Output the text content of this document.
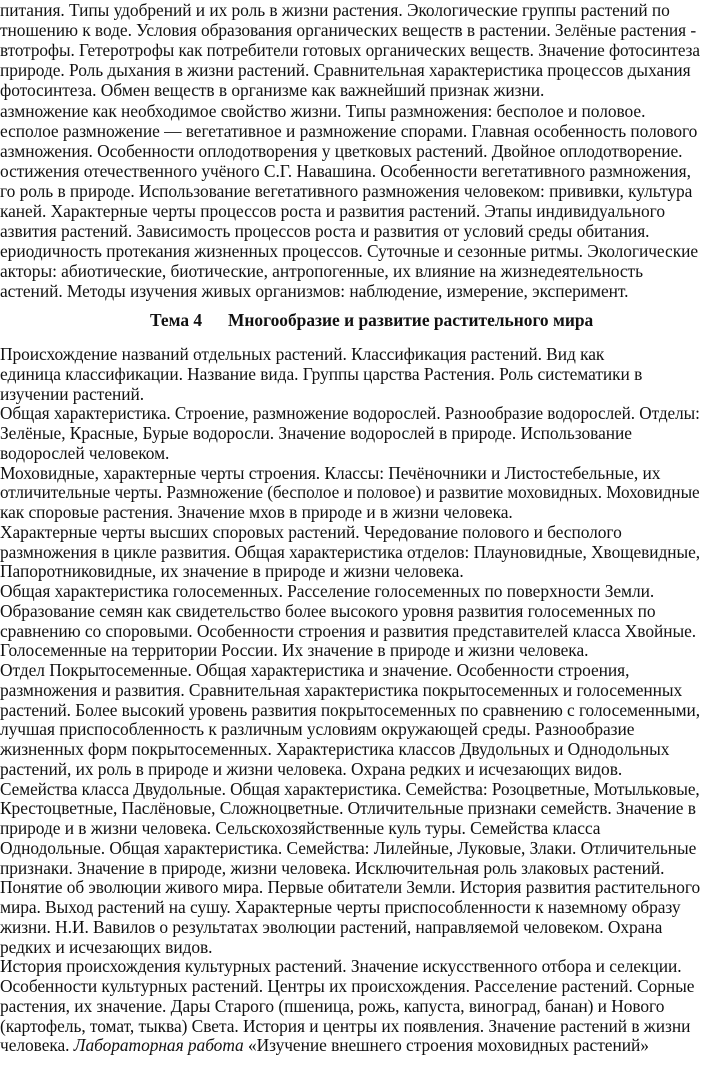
питания. Типы удобрений и их роль в жизни растения. Экологические группы растений по
тношению к воде. Условия образования органических веществ в растении. Зелёные растения -
втотрофы. Гетеротрофы как потребители готовых органических веществ. Значение фотосинтеза
природе. Роль дыхания в жизни растений. Сравнительная характеристика процессов дыхания
фотосинтеза. Обмен веществ в организме как важнейший признак жизни.
азмножение как необходимое свойство жизни. Типы размножения: бесполое и половое.
есполое размножение — вегетативное и размножение спорами. Главная особенность полового
азмножения. Особенности оплодотворения у цветковых растений. Двойное оплодотворение.
остижения отечественного учёного С.Г. Навашина. Особенности вегетативного размножения,
го роль в природе. Использование вегетативного размножения человеком: прививки, культура
каней. Характерные черты процессов роста и развития растений. Этапы индивидуального
азвития растений. Зависимость процессов роста и развития от условий среды обитания.
ериодичность протекания жизненных процессов. Суточные и сезонные ритмы. Экологические
акторы: абиотические, биотические, антропогенные, их влияние на жизнедеятельность
астений. Методы изучения живых организмов: наблюдение, измерение, эксперимент.
Тема 4 Многообразие и развитие растительного мира
Происхождение названий отдельных растений. Классификация растений. Вид как
единица классификации. Название вида. Группы царства Растения. Роль систематики в
изучении растений.
Общая характеристика. Строение, размножение водорослей. Разнообразие водорослей. Отделы:
Зелёные, Красные, Бурые водоросли. Значение водорослей в природе. Использование
водорослей человеком.
Моховидные, характерные черты строения. Классы: Печёночники и Листостебельные, их
отличительные черты. Размножение (бесполое и половое) и развитие моховидных. Моховидные
как споровые растения. Значение мхов в природе и в жизни человека.
Характерные черты высших споровых растений. Чередование полового и бесполого
размножения в цикле развития. Общая характеристика отделов: Плауновидные, Хвощевидные,
Папоротниковидные, их значение в природе и жизни человека.
Общая характеристика голосеменных. Расселение голосеменных по поверхности Земли.
Образование семян как свидетельство более высокого уровня развития голосеменных по
сравнению со споровыми. Особенности строения и развития представителей класса Хвойные.
Голосеменные на территории России. Их значение в природе и жизни человека.
Отдел Покрытосеменные. Общая характеристика и значение. Особенности строения,
размножения и развития. Сравнительная характеристика покрытосеменных и голосеменных
растений. Более высокий уровень развития покрытосеменных по сравнению с голосеменными,
лучшая приспособленность к различным условиям окружающей среды. Разнообразие
жизненных форм покрытосеменных. Характеристика классов Двудольных и Однодольных
растений, их роль в природе и жизни человека. Охрана редких и исчезающих видов.
Семейства класса Двудольные. Общая характеристика. Семейства: Розоцветные, Мотыльковые,
Крестоцветные, Паслёновые, Сложноцветные. Отличительные признаки семейств. Значение в
природе и в жизни человека. Сельскохозяйственные куль туры. Семейства класса
Однодольные. Общая характеристика. Семейства: Лилейные, Луковые, Злаки. Отличительные
признаки. Значение в природе, жизни человека. Исключительная роль злаковых растений.
Понятие об эволюции живого мира. Первые обитатели Земли. История развития растительного
мира. Выход растений на сушу. Характерные черты приспособленности к наземному образу
жизни. Н.И. Вавилов о результатах эволюции растений, направляемой человеком. Охрана
редких и исчезающих видов.
История происхождения культурных растений. Значение искусственного отбора и селекции.
Особенности культурных растений. Центры их происхождения. Расселение растений. Сорные
растения, их значение. Дары Старого (пшеница, рожь, капуста, виноград, банан) и Нового
(картофель, томат, тыква) Света. История и центры их появления. Значение растений в жизни
человека. Лабораторная работа «Изучение внешнего строения моховидных растений»
